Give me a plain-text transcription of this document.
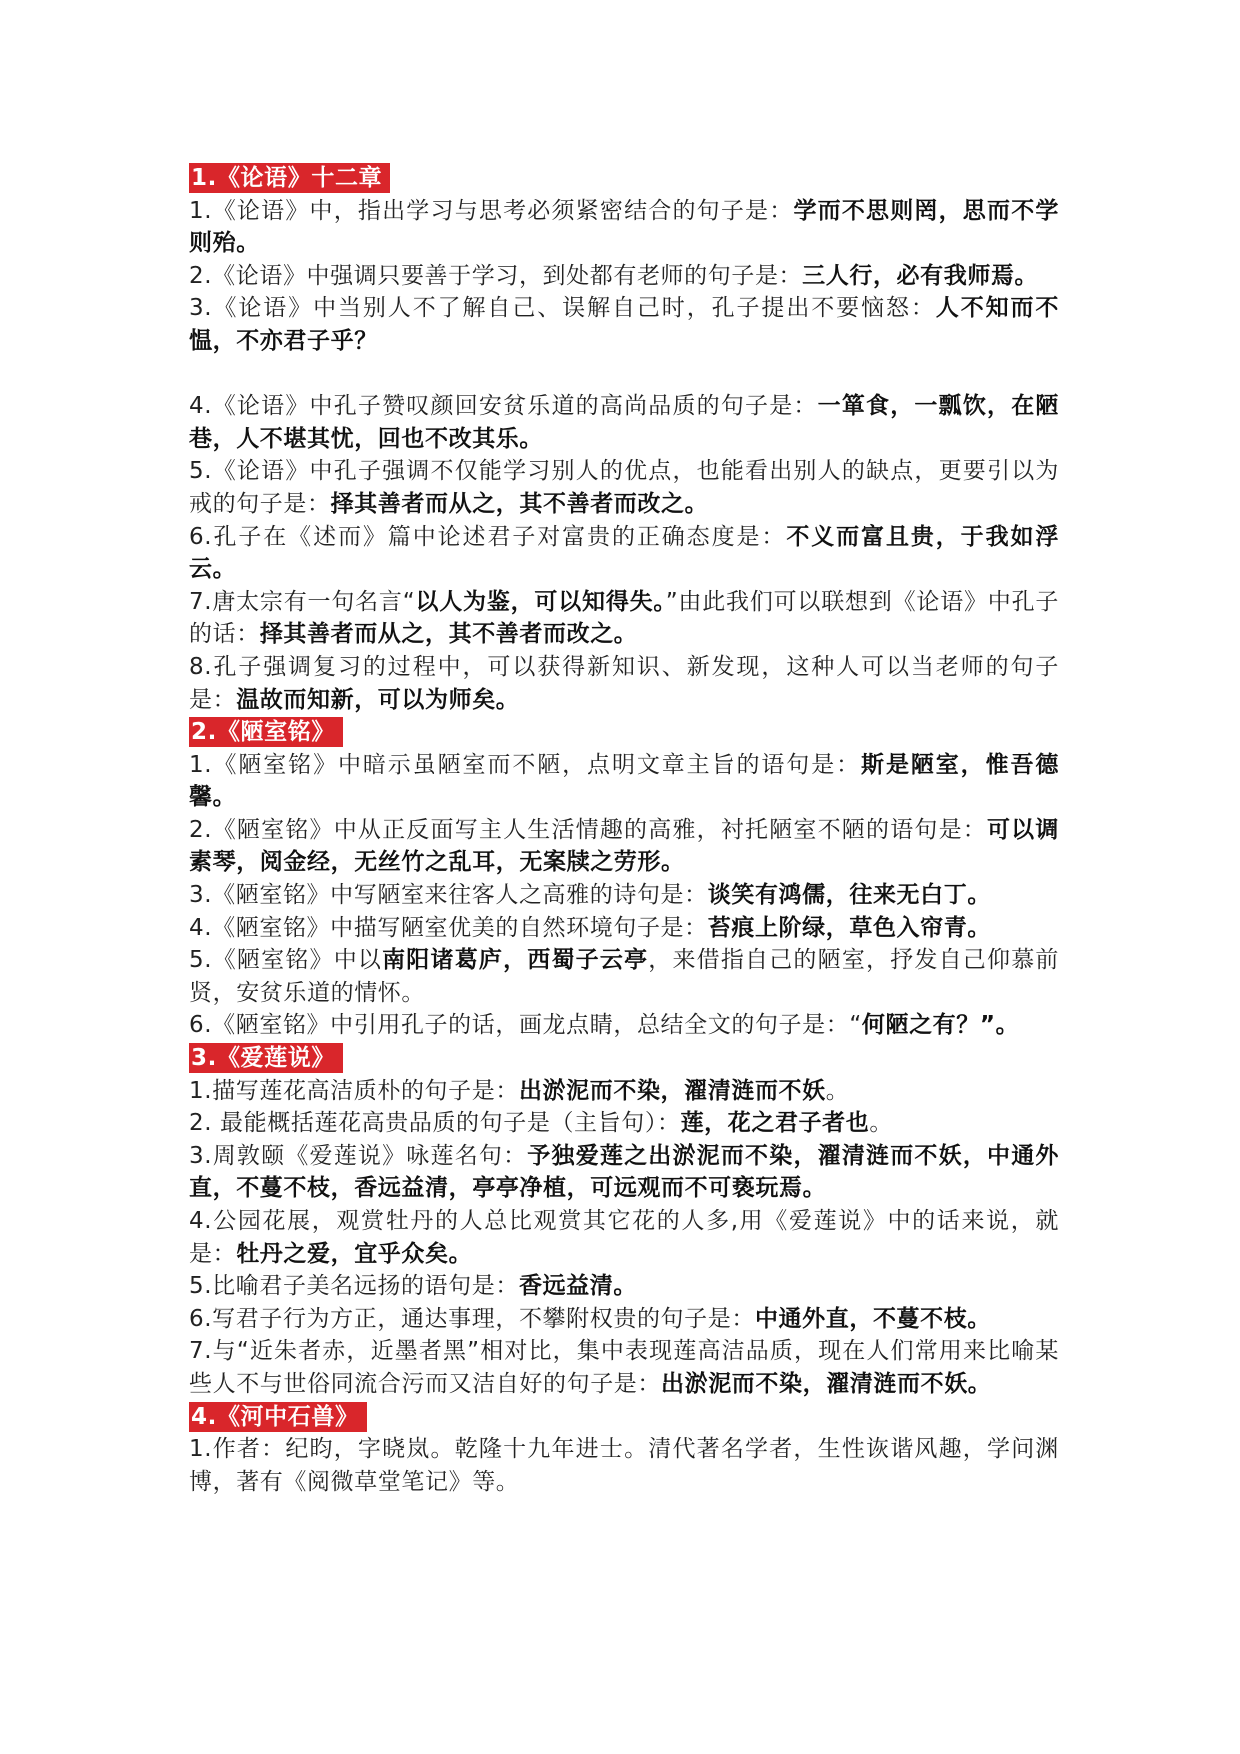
1.《论语》十二章
1.《论语》中，指出学习与思考必须紧密结合的句子是：学而不思则罔，思而不学则殆。
2.《论语》中强调只要善于学习，到处都有老师的句子是：三人行，必有我师焉。
3.《论语》中当别人不了解自己、误解自己时，孔子提出不要恼怒：人不知而不愠，不亦君子乎？
4.《论语》中孔子赞叹颜回安贫乐道的高尚品质的句子是：一箪食，一瓢饮，在陋巷，人不堪其忧，回也不改其乐。
5.《论语》中孔子强调不仅能学习别人的优点，也能看出别人的缺点，更要引以为戒的句子是：择其善者而从之，其不善者而改之。
6.孔子在《述而》篇中论述君子对富贵的正确态度是：不义而富且贵，于我如浮云。
7.唐太宗有一句名言“以人为鉴，可以知得失。”由此我们可以联想到《论语》中孔子的话：择其善者而从之，其不善者而改之。
8.孔子强调复习的过程中，可以获得新知识、新发现，这种人可以当老师的句子是：温故而知新，可以为师矣。
2.《陋室铭》
1.《陋室铭》中暗示虽陋室而不陋，点明文章主旨的语句是：斯是陋室，惟吾德馨。
2.《陋室铭》中从正反面写主人生活情趣的高雅，衬托陋室不陋的语句是：可以调素琴，阅金经，无丝竹之乱耳，无案牍之劳形。
3.《陋室铭》中写陋室来往客人之高雅的诗句是：谈笑有鸿儒，往来无白丁。
4.《陋室铭》中描写陋室优美的自然环境句子是：苔痕上阶绿，草色入帘青。
5.《陋室铭》中以南阳诸葛庐，西蜀子云亭，来借指自己的陋室，抒发自己仰慕前贤，安贫乐道的情怀。
6.《陋室铭》中引用孔子的话，画龙点睛，总结全文的句子是：“何陋之有？”。
3.《爱莲说》
1.描写莲花高洁质朴的句子是：出淤泥而不染，濯清涟而不妖。
2. 最能概括莲花高贵品质的句子是（主旨句）：莲，花之君子者也。
3.周敦颐《爱莲说》咏莲名句：予独爱莲之出淤泥而不染，濯清涟而不妖，中通外直，不蔓不枝，香远益清，亭亭净植，可远观而不可亵玩焉。
4.公园花展，观赏牡丹的人总比观赏其它花的人多,用《爱莲说》中的话来说，就是：牡丹之爱，宜乎众矣。
5.比喻君子美名远扬的语句是：香远益清。
6.写君子行为方正，通达事理，不攀附权贵的句子是：中通外直，不蔓不枝。
7.与“近朱者赤，近墨者黑”相对比，集中表现莲高洁品质，现在人们常用来比喻某些人不与世俗同流合污而又洁自好的句子是：出淤泥而不染，濯清涟而不妖。
4.《河中石兽》
1.作者：纪昀，字晓岚。乾隆十九年进士。清代著名学者，生性诙谐风趣，学问渊博，著有《阅微草堂笔记》等。
